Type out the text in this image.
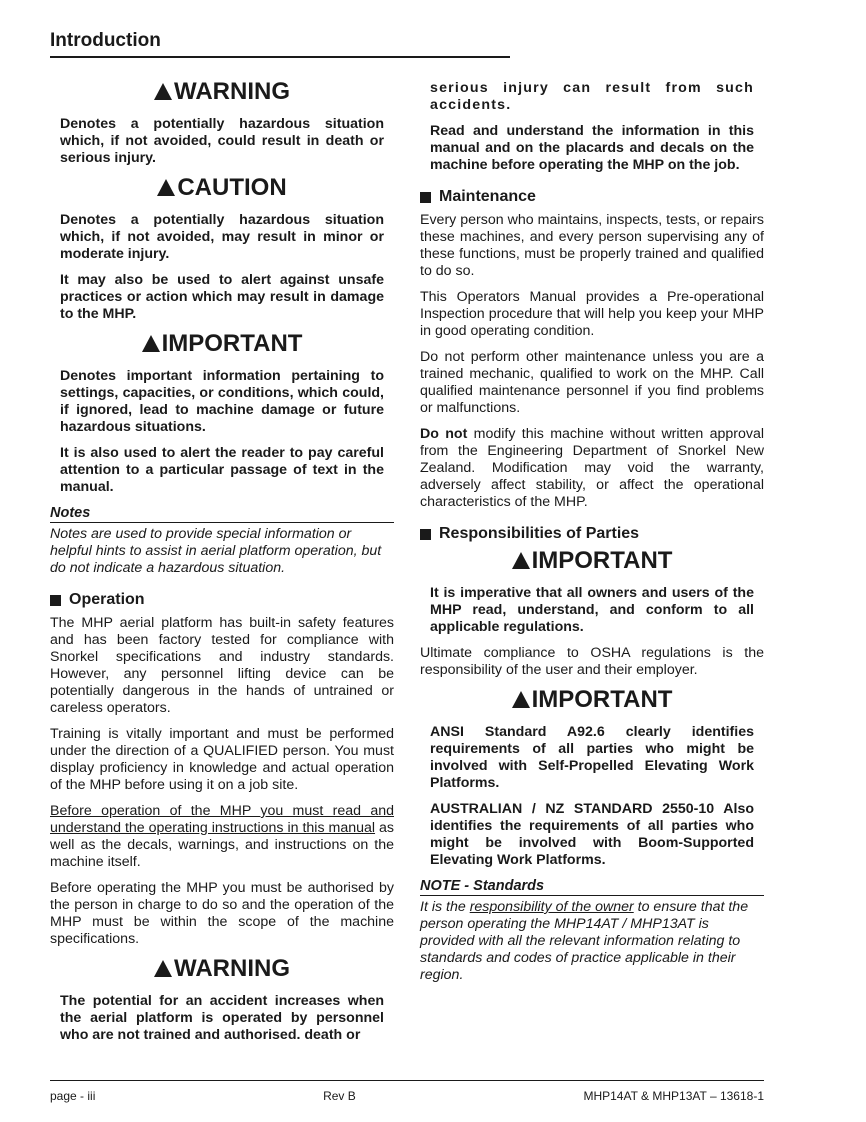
Introduction
WARNING

Denotes a potentially hazardous situation which, if not avoided, could result in death or serious injury.

CAUTION

Denotes a potentially hazardous situation which, if not avoided, may result in minor or moderate injury.

It may also be used to alert against unsafe practices or action which may result in damage to the MHP.

IMPORTANT

Denotes important information pertaining to settings, capacities, or conditions, which could, if ignored, lead to machine damage or future hazardous situations.

It is also used to alert the reader to pay careful attention to a particular passage of text in the manual.

Notes

Notes are used to provide special information or helpful hints to assist in aerial platform operation, but do not indicate a hazardous situation.

Operation

The MHP aerial platform has built-in safety features and has been factory tested for compliance with Snorkel specifications and industry standards. However, any personnel lifting device can be potentially dangerous in the hands of untrained or careless operators.

Training is vitally important and must be performed under the direction of a QUALIFIED person. You must display proficiency in knowledge and actual operation of the MHP before using it on a job site.

Before operation of the MHP you must read and understand the operating instructions in this manual as well as the decals, warnings, and instructions on the machine itself.

Before operating the MHP you must be authorised by the person in charge to do so and the operation of the MHP must be within the scope of the machine specifications.

WARNING

The potential for an accident increases when the aerial platform is operated by personnel who are not trained and authorised. death or

serious injury can result from such accidents.

Read and understand the information in this manual and on the placards and decals on the machine before operating the MHP on the job.

Maintenance

Every person who maintains, inspects, tests, or repairs these machines, and every person supervising any of these functions, must be properly trained and qualified to do so.

This Operators Manual provides a Pre-operational Inspection procedure that will help you keep your MHP in good operating condition.

Do not perform other maintenance unless you are a trained mechanic, qualified to work on the MHP. Call qualified maintenance personnel if you find problems or malfunctions.

Do not modify this machine without written approval from the Engineering Department of Snorkel New Zealand. Modification may void the warranty, adversely affect stability, or affect the operational characteristics of the MHP.

Responsibilities of Parties
IMPORTANT

It is imperative that all owners and users of the MHP read, understand, and conform to all applicable regulations.

Ultimate compliance to OSHA regulations is the responsibility of the user and their employer.

IMPORTANT

ANSI Standard A92.6 clearly identifies requirements of all parties who might be involved with Self-Propelled Elevating Work Platforms.

AUSTRALIAN / NZ STANDARD 2550-10 Also identifies the requirements of all parties who might be involved with Boom-Supported Elevating Work Platforms.

NOTE - Standards

It is the responsibility of the owner to ensure that the person operating the MHP14AT / MHP13AT is provided with all the relevant information relating to standards and codes of practice applicable in their region.

page - iii	Rev B	MHP14AT & MHP13AT – 13618-1
